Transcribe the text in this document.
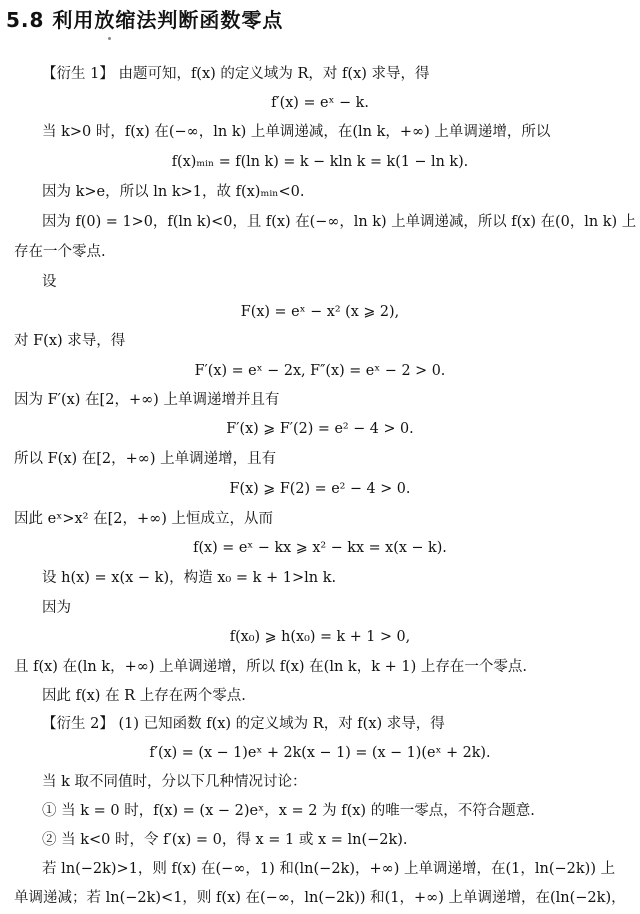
5.8 利用放缩法判断函数零点
【衍生 1】 由题可知，f(x) 的定义域为 R，对 f(x) 求导，得
f′(x) = eˣ − k.
当 k>0 时，f(x) 在(−∞，ln k) 上单调递减，在(ln k，+∞) 上单调递增，所以
f(x)ₘᵢₙ = f(ln k) = k − kln k = k(1 − ln k).
因为 k>e，所以 ln k>1，故 f(x)ₘᵢₙ<0.
因为 f(0) = 1>0，f(ln k)<0，且 f(x) 在(−∞，ln k) 上单调递减，所以 f(x) 在(0，ln k) 上
存在一个零点.
设
F(x) = eˣ − x² (x ⩾ 2),
对 F(x) 求导，得
F′(x) = eˣ − 2x, F″(x) = eˣ − 2 > 0.
因为 F′(x) 在[2，+∞) 上单调递增并且有
F′(x) ⩾ F′(2) = e² − 4 > 0.
所以 F(x) 在[2，+∞) 上单调递增，且有
F(x) ⩾ F(2) = e² − 4 > 0.
因此 eˣ>x² 在[2，+∞) 上恒成立，从而
f(x) = eˣ − kx ⩾ x² − kx = x(x − k).
设 h(x) = x(x − k)，构造 x₀ = k + 1>ln k.
因为
f(x₀) ⩾ h(x₀) = k + 1 > 0,
且 f(x) 在(ln k，+∞) 上单调递增，所以 f(x) 在(ln k，k + 1) 上存在一个零点.
因此 f(x) 在 R 上存在两个零点.
【衍生 2】 (1) 已知函数 f(x) 的定义域为 R，对 f(x) 求导，得
f′(x) = (x − 1)eˣ + 2k(x − 1) = (x − 1)(eˣ + 2k).
当 k 取不同值时，分以下几种情况讨论：
① 当 k = 0 时，f(x) = (x − 2)eˣ，x = 2 为 f(x) 的唯一零点，不符合题意.
② 当 k<0 时，令 f′(x) = 0，得 x = 1 或 x = ln(−2k).
若 ln(−2k)>1，则 f(x) 在(−∞，1) 和(ln(−2k)，+∞) 上单调递增，在(1，ln(−2k)) 上
单调递减；若 ln(−2k)<1，则 f(x) 在(−∞，ln(−2k)) 和(1，+∞) 上单调递增，在(ln(−2k)，
